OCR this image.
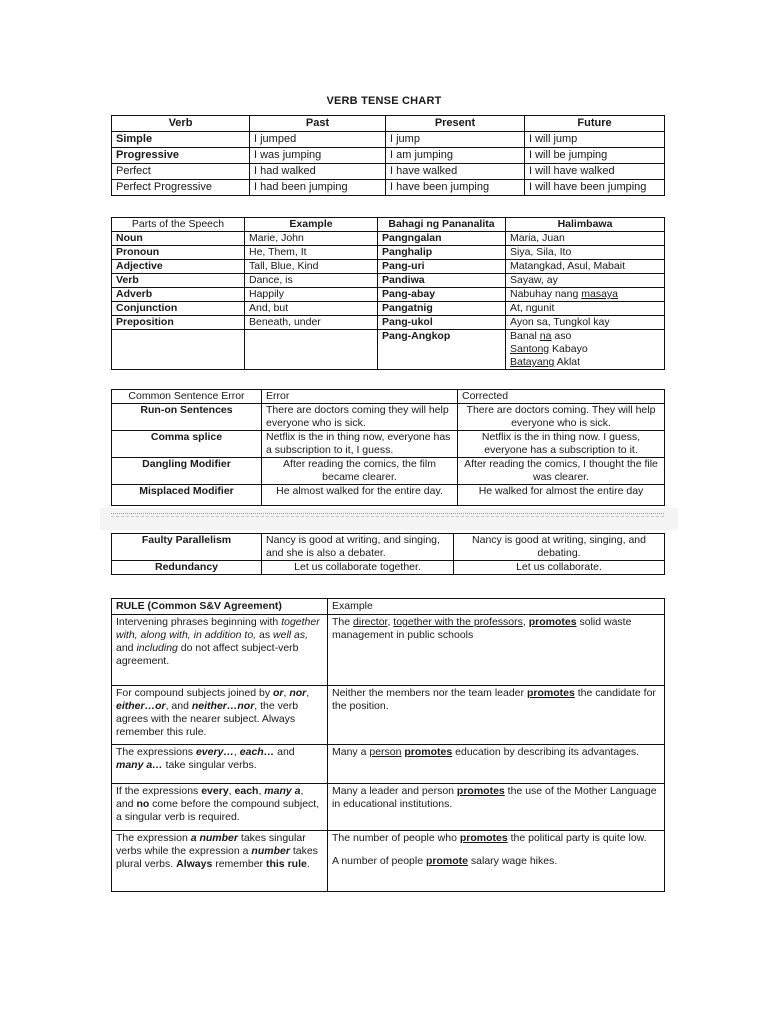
VERB TENSE CHART
Verb	Past	Present	Future
Simple	I jumped	I jump	I will jump
Progressive	I was jumping	I am jumping	I will be jumping
Perfect	I had walked	I have walked	I will have walked
Perfect Progressive	I had been jumping	I have been jumping	I will have been jumping
Parts of the Speech	Example	Bahagi ng Pananalita	Halimbawa
Noun	Marie, John	Pangngalan	Maria, Juan
Pronoun	He, Them, It	Panghalip	Siya, Sila, Ito
Adjective	Tall, Blue, Kind	Pang-uri	Matangkad, Asul, Mabait
Verb	Dance, is	Pandiwa	Sayaw, ay
Adverb	Happily	Pang-abay	Nabuhay nang masaya
Conjunction	And, but	Pangatnig	At, ngunit
Preposition	Beneath, under	Pang-ukol	Ayon sa, Tungkol kay
		Pang-Angkop	Banal na aso
Santong Kabayo
Batayang Aklat
Common Sentence Error	Error	Corrected
Run-on Sentences	There are doctors coming they will help everyone who is sick.	There are doctors coming. They will help everyone who is sick.
Comma splice	Netflix is the in thing now, everyone has a subscription to it, I guess.	Netflix is the in thing now. I guess, everyone has a subscription to it.
Dangling Modifier	After reading the comics, the film became clearer.	After reading the comics, I thought the file was clearer.
Misplaced Modifier	He almost walked for the entire day.	He walked for almost the entire day
Faulty Parallelism	Nancy is good at writing, and singing, and she is also a debater.	Nancy is good at writing, singing, and debating.
Redundancy	Let us collaborate together.	Let us collaborate.
RULE (Common S&V Agreement)	Example
Intervening phrases beginning with together with, along with, in addition to, as well as, and including do not affect subject-verb agreement.	The director, together with the professors, promotes solid waste management in public schools
For compound subjects joined by or, nor, either…or, and neither…nor, the verb agrees with the nearer subject. Always remember this rule.	Neither the members nor the team leader promotes the candidate for the position.
The expressions every…, each… and many a… take singular verbs.	Many a person promotes education by describing its advantages.
If the expressions every, each, many a, and no come before the compound subject, a singular verb is required.	Many a leader and person promotes the use of the Mother Language in educational institutions.
The expression a number takes singular verbs while the expression a number takes plural verbs. Always remember this rule.	The number of people who promotes the political party is quite low.
A number of people promote salary wage hikes.
